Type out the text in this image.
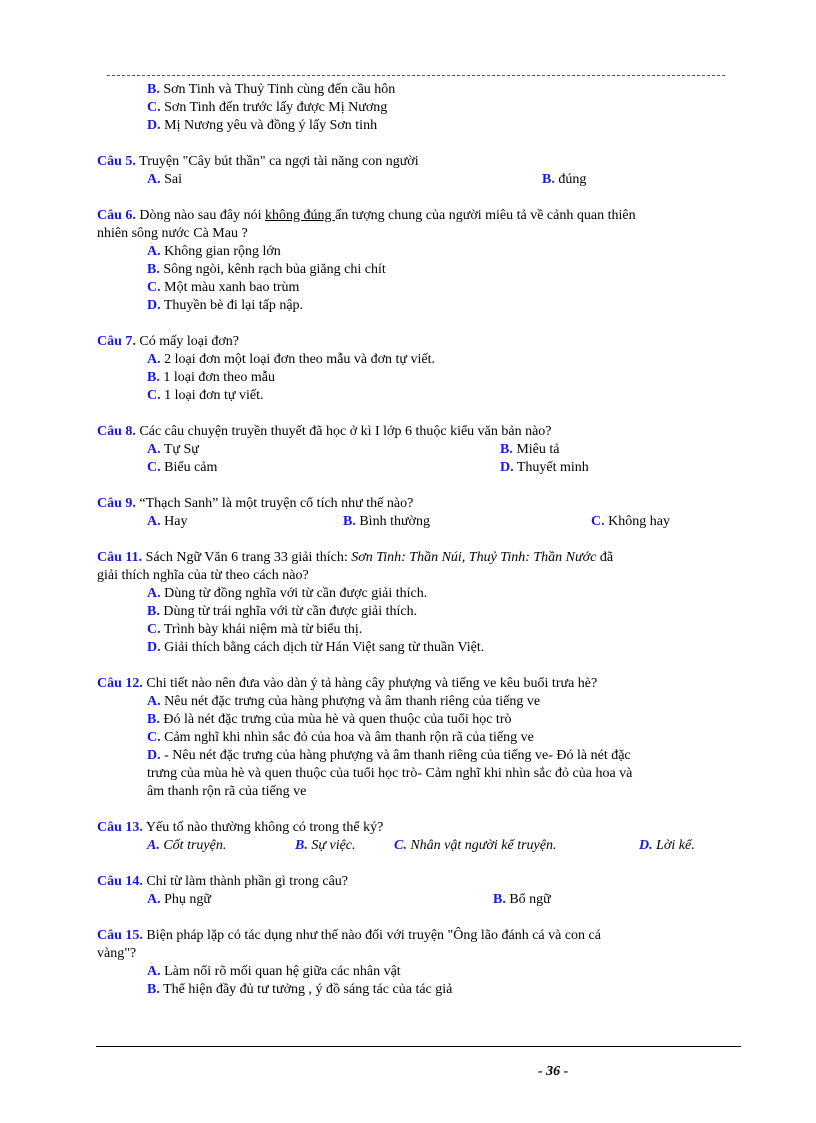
B. Sơn Tinh và Thuỷ Tinh cùng đến cầu hôn
C. Sơn Tinh đến trước lấy được Mị Nương
D. Mị Nương yêu và đồng ý lấy Sơn tinh
Câu 5. Truyện "Cây bút thần" ca ngợi tài năng con người
A. Sai	B. đúng
Câu 6. Dòng nào sau đây nói không đúng ấn tượng chung của người miêu tả về cảnh quan thiên
nhiên sông nước Cà Mau ?
A. Không gian rộng lớn
B. Sông ngòi, kênh rạch bủa giăng chi chít
C. Một màu xanh bao trùm
D. Thuyền bè đi lại tấp nập.
Câu 7. Có mấy loại đơn?
A. 2 loại đơn một loại đơn theo mẫu và đơn tự viết.
B. 1 loại đơn theo mẫu
C. 1 loại đơn tự viết.
Câu 8. Các câu chuyện truyền thuyết đã học ở kì I lớp 6 thuộc kiểu văn bản nào?
A. Tự Sự	B. Miêu tả
C. Biểu cảm	D. Thuyết minh
Câu 9. “Thạch Sanh” là một truyện cổ tích như thế nào?
A. Hay	B. Bình thường	C. Không hay
Câu 11. Sách Ngữ Văn 6 trang 33 giải thích: Sơn Tinh: Thần Núi, Thuỷ Tinh: Thần Nước đã
giải thích nghĩa của từ theo cách nào?
A. Dùng từ đồng nghĩa với từ cần được giải thích.
B. Dùng từ trái nghĩa với từ cần được giải thích.
C. Trình bày khái niệm mà từ biểu thị.
D. Giải thích bằng cách dịch từ Hán Việt sang từ thuần Việt.
Câu 12. Chi tiết nào nên đưa vào dàn ý tả hàng cây phượng và tiếng ve kêu buổi trưa hè?
A. Nêu nét đặc trưng của hàng phượng và âm thanh riêng của tiếng ve
B. Đó là nét đặc trưng của mùa hè và quen thuộc của tuổi học trò
C. Cảm nghĩ khi nhìn sắc đỏ của hoa và âm thanh rộn rã của tiếng ve
D. - Nêu nét đặc trưng của hàng phượng và âm thanh riêng của tiếng ve- Đó là nét đặc
trưng của mùa hè và quen thuộc của tuổi học trò- Cảm nghĩ khi nhìn sắc đỏ của hoa và
âm thanh rộn rã của tiếng ve
Câu 13. Yếu tố nào thường không có trong thể ký?
A. Cốt truyện.	B. Sự việc.	C. Nhân vật người kể truyện.	D. Lời kể.
Câu 14. Chỉ từ làm thành phần gì trong câu?
A. Phụ ngữ	B. Bổ ngữ
Câu 15. Biện pháp lặp có tác dụng như thế nào đối với truyện "Ông lão đánh cá và con cá
vàng"?
A. Làm nổi rõ mối quan hệ giữa các nhân vật
B. Thể hiện đầy đủ tư tưởng , ý đồ sáng tác của tác giả
- 36 -
